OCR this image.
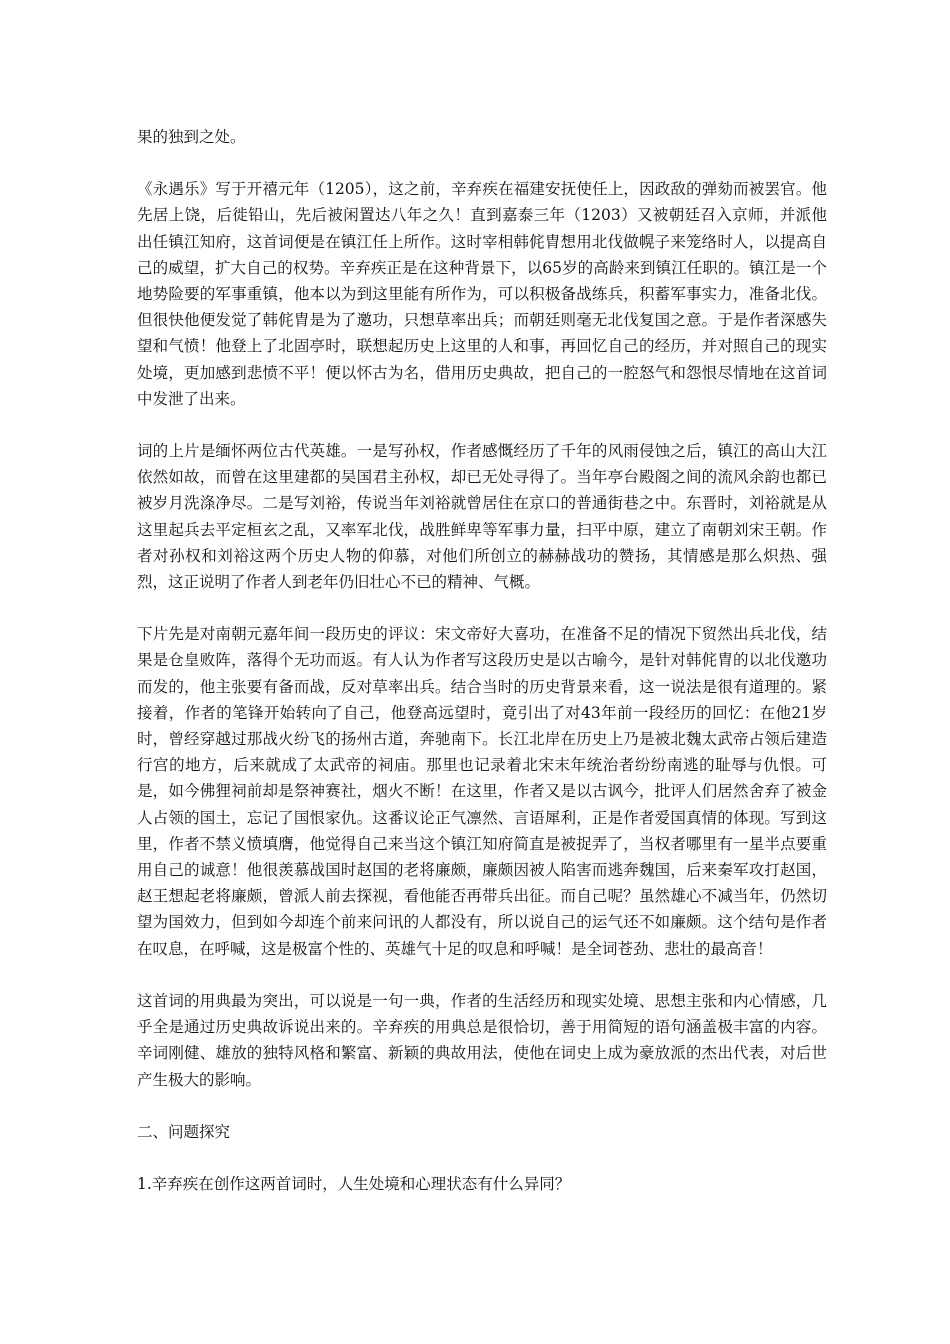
果的独到之处。

《永遇乐》写于开禧元年（1205），这之前，辛弃疾在福建安抚使任上，因政敌的弹劾而被罢官。他先居上饶，后徙铅山，先后被闲置达八年之久！直到嘉泰三年（1203）又被朝廷召入京师，并派他出任镇江知府，这首词便是在镇江任上所作。这时宰相韩侂胄想用北伐做幌子来笼络时人，以提高自己的威望，扩大自己的权势。辛弃疾正是在这种背景下，以65岁的高龄来到镇江任职的。镇江是一个地势险要的军事重镇，他本以为到这里能有所作为，可以积极备战练兵，积蓄军事实力，准备北伐。但很快他便发觉了韩侂胄是为了邀功，只想草率出兵；而朝廷则毫无北伐复国之意。于是作者深感失望和气愤！他登上了北固亭时，联想起历史上这里的人和事，再回忆自己的经历，并对照自己的现实处境，更加感到悲愤不平！便以怀古为名，借用历史典故，把自己的一腔怒气和怨恨尽情地在这首词中发泄了出来。

词的上片是缅怀两位古代英雄。一是写孙权，作者感慨经历了千年的风雨侵蚀之后，镇江的高山大江依然如故，而曾在这里建都的吴国君主孙权，却已无处寻得了。当年亭台殿阁之间的流风余韵也都已被岁月洗涤净尽。二是写刘裕，传说当年刘裕就曾居住在京口的普通街巷之中。东晋时，刘裕就是从这里起兵去平定桓玄之乱，又率军北伐，战胜鲜卑等军事力量，扫平中原，建立了南朝刘宋王朝。作者对孙权和刘裕这两个历史人物的仰慕，对他们所创立的赫赫战功的赞扬，其情感是那么炽热、强烈，这正说明了作者人到老年仍旧壮心不已的精神、气概。

下片先是对南朝元嘉年间一段历史的评议：宋文帝好大喜功，在准备不足的情况下贸然出兵北伐，结果是仓皇败阵，落得个无功而返。有人认为作者写这段历史是以古喻今，是针对韩侂胄的以北伐邀功而发的，他主张要有备而战，反对草率出兵。结合当时的历史背景来看，这一说法是很有道理的。紧接着，作者的笔锋开始转向了自己，他登高远望时，竟引出了对43年前一段经历的回忆：在他21岁时，曾经穿越过那战火纷飞的扬州古道，奔驰南下。长江北岸在历史上乃是被北魏太武帝占领后建造行宫的地方，后来就成了太武帝的祠庙。那里也记录着北宋末年统治者纷纷南逃的耻辱与仇恨。可是，如今佛狸祠前却是祭神赛社，烟火不断！在这里，作者又是以古讽今，批评人们居然舍弃了被金人占领的国土，忘记了国恨家仇。这番议论正气凛然、言语犀利，正是作者爱国真情的体现。写到这里，作者不禁义愤填膺，他觉得自己来当这个镇江知府简直是被捉弄了，当权者哪里有一星半点要重用自己的诚意！他很羡慕战国时赵国的老将廉颇，廉颇因被人陷害而逃奔魏国，后来秦军攻打赵国，赵王想起老将廉颇，曾派人前去探视，看他能否再带兵出征。而自己呢？虽然雄心不减当年，仍然切望为国效力，但到如今却连个前来问讯的人都没有，所以说自己的运气还不如廉颇。这个结句是作者在叹息，在呼喊，这是极富个性的、英雄气十足的叹息和呼喊！是全词苍劲、悲壮的最高音！

这首词的用典最为突出，可以说是一句一典，作者的生活经历和现实处境、思想主张和内心情感，几乎全是通过历史典故诉说出来的。辛弃疾的用典总是很恰切，善于用简短的语句涵盖极丰富的内容。辛词刚健、雄放的独特风格和繁富、新颖的典故用法，使他在词史上成为豪放派的杰出代表，对后世产生极大的影响。

二、问题探究

1.辛弃疾在创作这两首词时，人生处境和心理状态有什么异同？
